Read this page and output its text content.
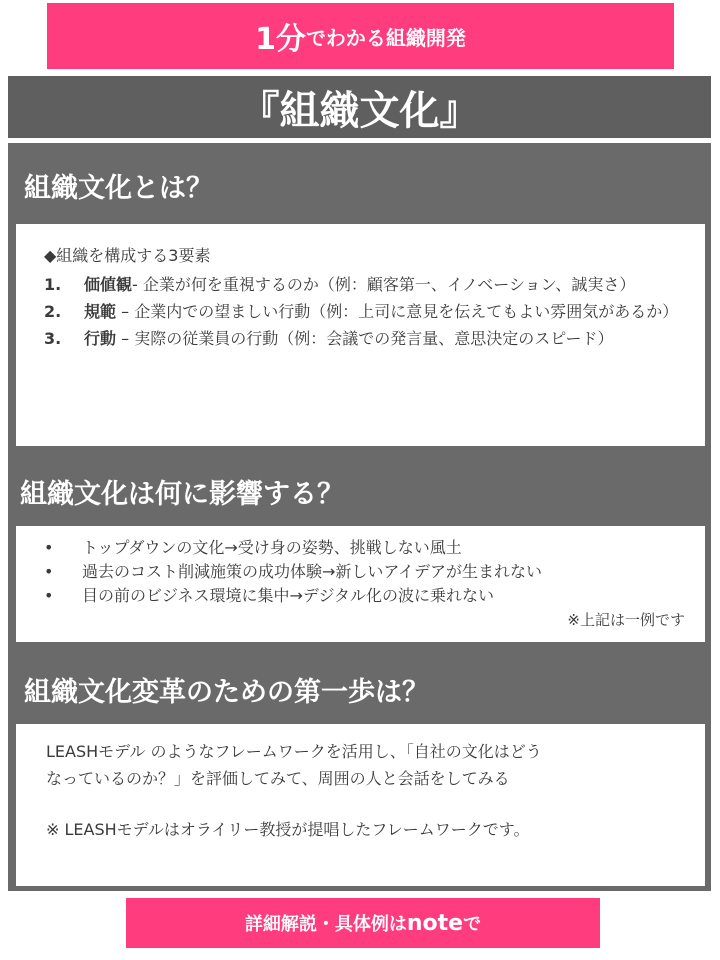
1分 でわかる組織開発
『組織文化』
組織文化とは？

◆組織を構成する3要素

1.	価値観- 企業が何を重視するのか（例：顧客第一、イノベーション、誠実さ）
2.	規範 – 企業内での望ましい行動（例：上司に意見を伝えてもよい雰囲気があるか）
3.	行動 – 実際の従業員の行動（例：会議での発言量、意思決定のスピード）
組織文化は何に影響する？
•	トップダウンの文化→受け身の姿勢、挑戦しない風土
•	過去のコスト削減施策の成功体験→新しいアイデアが生まれない
•	目の前のビジネス環境に集中→デジタル化の波に乗れない
※上記は一例です
組織文化変革のための第一歩は？

LEASHモデル のようなフレームワークを活用し、「自社の文化はどう

なっているのか？」を評価してみて、周囲の人と会話をしてみる

※ LEASHモデルはオライリー教授が提唱したフレームワークです。

詳細解説・具体例は note で
